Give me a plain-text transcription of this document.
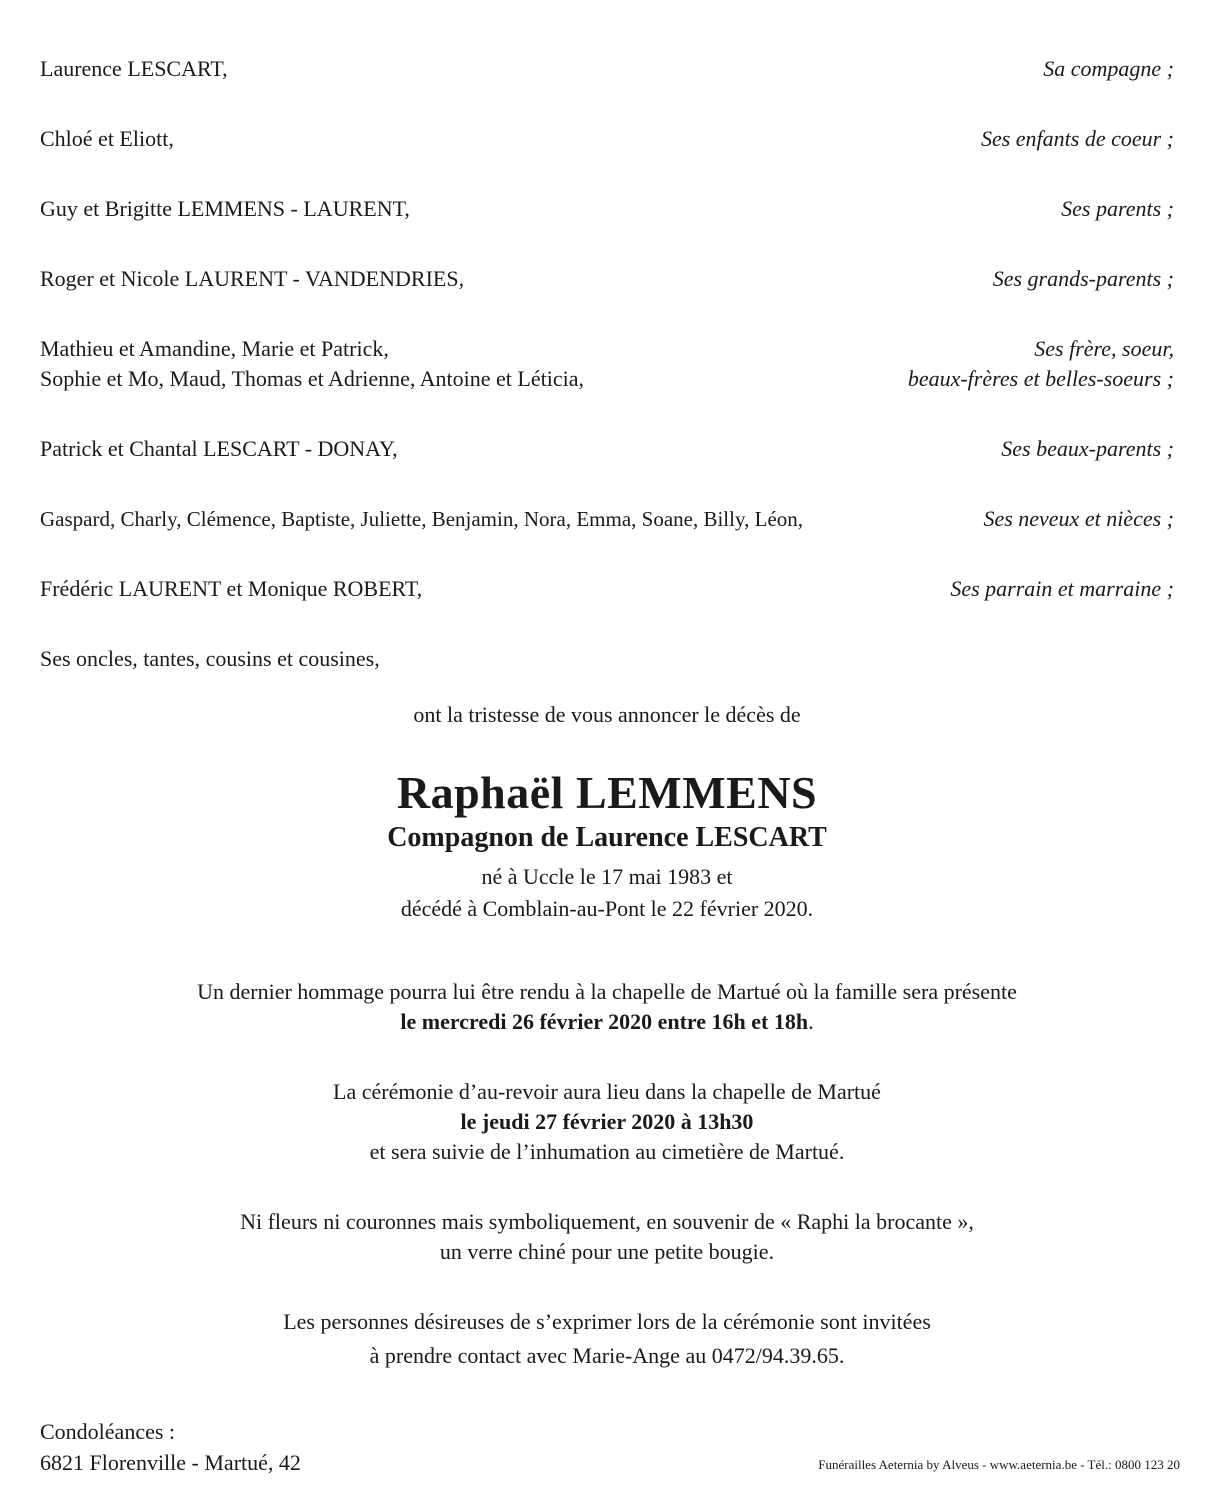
Laurence LESCART,	Sa compagne ;
Chloé et Eliott,	Ses enfants de coeur ;
Guy et Brigitte LEMMENS - LAURENT,	Ses parents ;
Roger et Nicole LAURENT - VANDENDRIES,	Ses grands-parents ;
Mathieu et Amandine, Marie et Patrick,	Ses frère, soeur,
Sophie et Mo, Maud, Thomas et Adrienne, Antoine et Léticia,	beaux-frères et belles-soeurs ;
Patrick et Chantal LESCART - DONAY,	Ses beaux-parents ;
Gaspard, Charly, Clémence, Baptiste, Juliette, Benjamin, Nora, Emma, Soane, Billy, Léon,	Ses neveux et nièces ;
Frédéric LAURENT et Monique ROBERT,	Ses parrain et marraine ;
Ses oncles, tantes, cousins et cousines,
ont la tristesse de vous annoncer le décès de
Raphaël LEMMENS
Compagnon de Laurence LESCART
né à Uccle le 17 mai 1983 et
décédé à Comblain-au-Pont le 22 février 2020.
Un dernier hommage pourra lui être rendu à la chapelle de Martué où la famille sera présente
le mercredi 26 février 2020 entre 16h et 18h.
La cérémonie d’au-revoir aura lieu dans la chapelle de Martué
le jeudi 27 février 2020 à 13h30
et sera suivie de l’inhumation au cimetière de Martué.
Ni fleurs ni couronnes mais symboliquement, en souvenir de « Raphi la brocante »,
un verre chiné pour une petite bougie.
Les personnes désireuses de s’exprimer lors de la cérémonie sont invitées
à prendre contact avec Marie-Ange au 0472/94.39.65.
Condoléances :
6821 Florenville - Martué, 42	Funérailles Aeternia by Alveus - www.aeternia.be - Tél.: 0800 123 20
